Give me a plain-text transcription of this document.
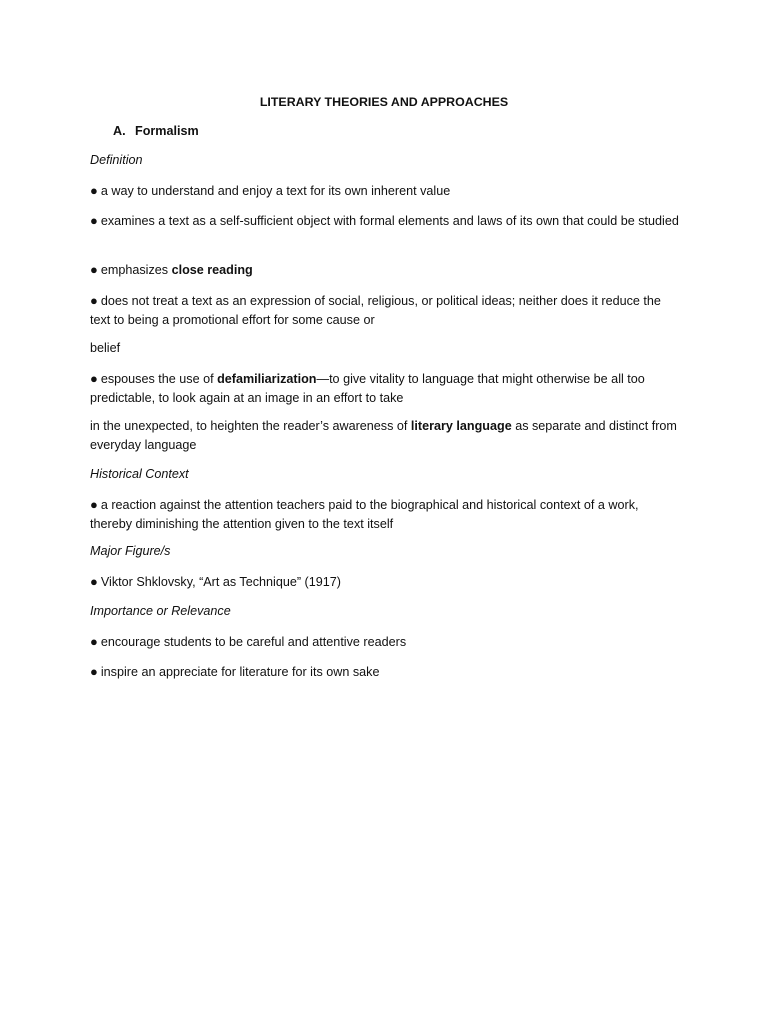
LITERARY THEORIES AND APPROACHES
A. Formalism
Definition

● a way to understand and enjoy a text for its own inherent value

● examines a text as a self-sufficient object with formal elements and laws of its own that could be studied

● emphasizes close reading

● does not treat a text as an expression of social, religious, or political ideas; neither does it reduce the text to being a promotional effort for some cause or

belief

● espouses the use of defamiliarization—to give vitality to language that might otherwise be all too predictable, to look again at an image in an effort to take

in the unexpected, to heighten the reader’s awareness of literary language as separate and distinct from everyday language

Historical Context

● a reaction against the attention teachers paid to the biographical and historical context of a work, thereby diminishing the attention given to the text itself

Major Figure/s

● Viktor Shklovsky, “Art as Technique” (1917)

Importance or Relevance

● encourage students to be careful and attentive readers

● inspire an appreciate for literature for its own sake
